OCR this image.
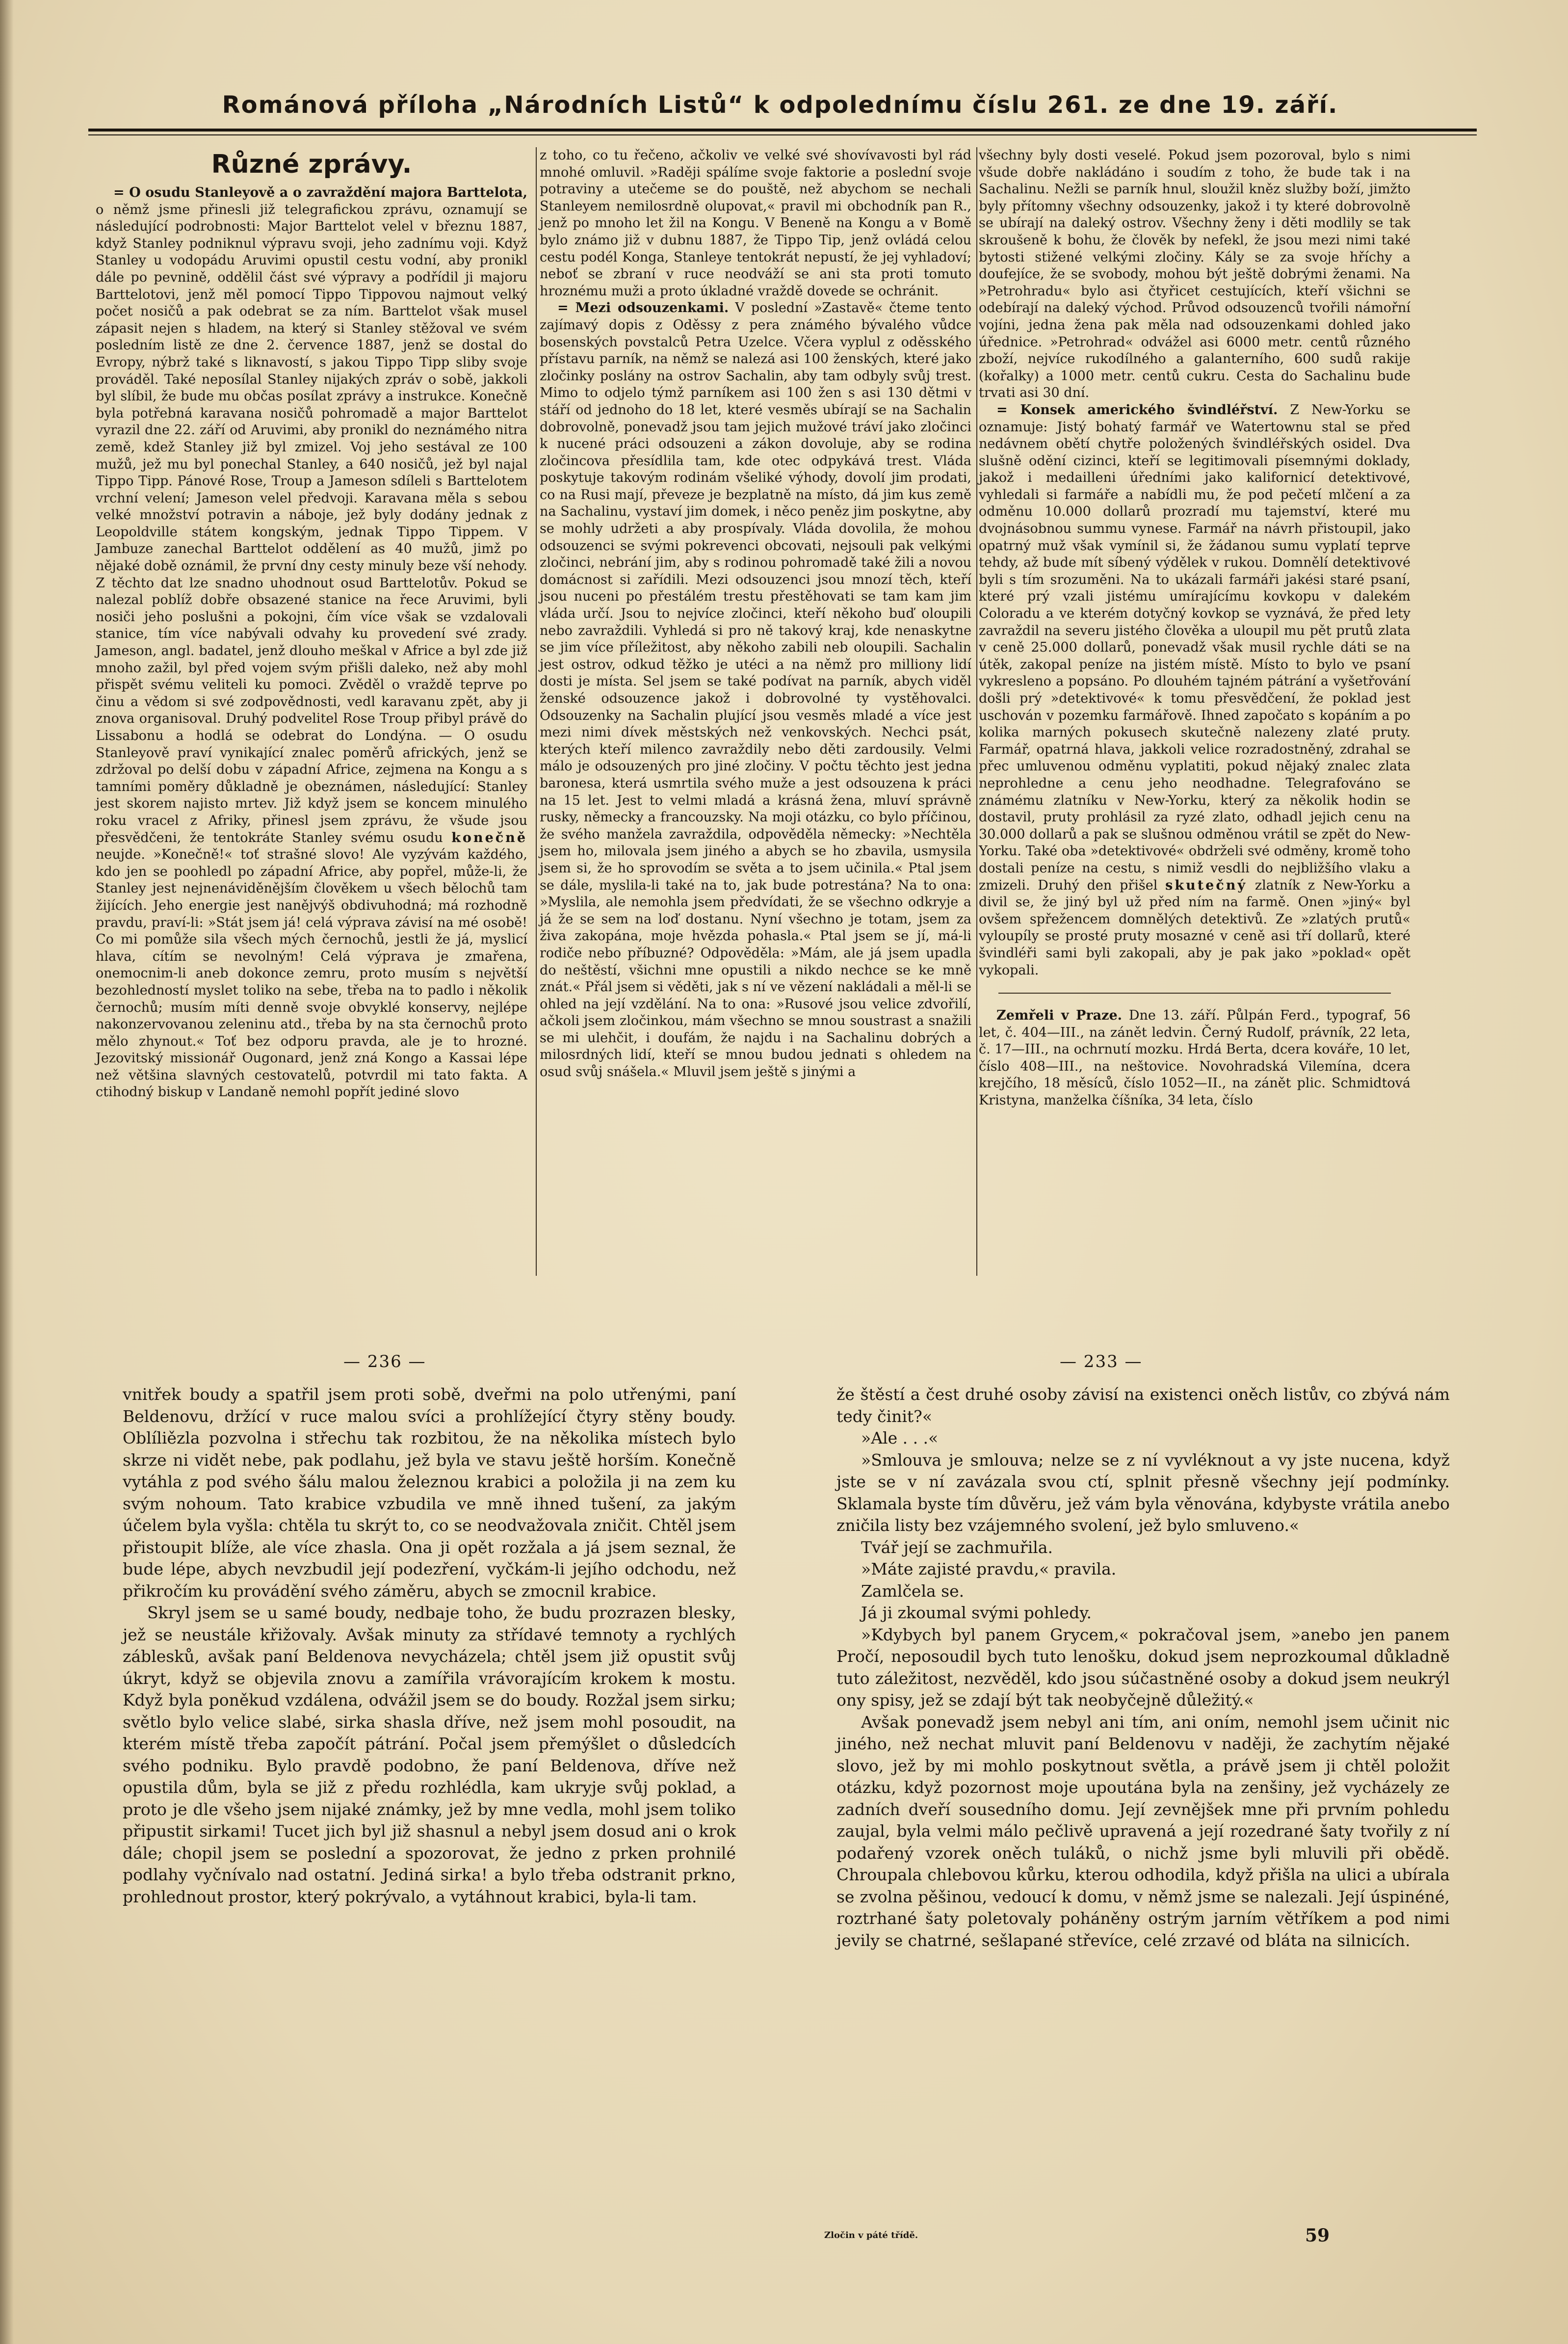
Románová příloha „Národních Listů“ k odpolednímu číslu 261. ze dne 19. září.
Různé zprávy.

= O osudu Stanleyově a o zavraždění majora Barttelota, o němž jsme přinesli již telegrafickou zprávu, oznamují se následující podrobnosti: Major Barttelot velel v březnu 1887, když Stanley podniknul výpravu svoji, jeho zadnímu voji. Když Stanley u vodopádu Aruvimi opustil cestu vodní, aby pronikl dále po pevnině, oddělil část své výpravy a podřídil ji majoru Barttelotovi, jenž měl pomocí Tippo Tippovou najmout velký počet nosičů a pak odebrat se za ním. Barttelot však musel zápasit nejen s hladem, na který si Stanley stěžoval ve svém posledním listě ze dne 2. července 1887, jenž se dostal do Evropy, nýbrž také s liknavostí, s jakou Tippo Tipp sliby svoje prováděl. Také neposílal Stanley nijakých zpráv o sobě, jakkoli byl slíbil, že bude mu občas posílat zprávy a instrukce. Konečně byla potřebná karavana nosičů pohromadě a major Barttelot vyrazil dne 22. září od Aruvimi, aby pronikl do neznámého nitra země, kdež Stanley již byl zmizel. Voj jeho sestával ze 100 mužů, jež mu byl ponechal Stanley, a 640 nosičů, jež byl najal Tippo Tipp. Pánové Rose, Troup a Jameson sdíleli s Barttelotem vrchní velení; Jameson velel předvoji. Karavana měla s sebou velké množství potravin a náboje, jež byly dodány jednak z Leopoldville státem kongským, jednak Tippo Tippem. V Jambuze zanechal Barttelot oddělení as 40 mužů, jimž po nějaké době oznámil, že první dny cesty minuly beze vší nehody. Z těchto dat lze snadno uhodnout osud Barttelotův. Pokud se nalezal poblíž dobře obsazené stanice na řece Aruvimi, byli nosiči jeho poslušni a pokojni, čím více však se vzdalovali stanice, tím více nabývali odvahy ku provedení své zrady. Jameson, angl. badatel, jenž dlouho meškal v Africe a byl zde již mnoho zažil, byl před vojem svým přišli daleko, než aby mohl přispět svému veliteli ku pomoci. Zvěděl o vraždě teprve po činu a vědom si své zodpovědnosti, vedl karavanu zpět, aby ji znova organisoval. Druhý podvelitel Rose Troup přibyl právě do Lissabonu a hodlá se odebrat do Londýna. — O osudu Stanleyově praví vynikající znalec poměrů afrických, jenž se zdržoval po delší dobu v západní Africe, zejmena na Kongu a s tamními poměry důkladně je obeznámen, následující: Stanley jest skorem najisto mrtev. Již když jsem se koncem minulého roku vracel z Afriky, přinesl jsem zprávu, že všude jsou přesvědčeni, že tentokráte Stanley svému osudu konečně neujde. »Konečně!« toť strašné slovo! Ale vyzývám každého, kdo jen se poohledl po západní Africe, aby popřel, může-li, že Stanley jest nejnenáviděnějším člověkem u všech bělochů tam žijících. Jeho energie jest nanějvýš obdivuhodná; má rozhodně pravdu, praví-li: »Stát jsem já! celá výprava závisí na mé osobě! Co mi pomůže sila všech mých černochů, jestli že já, myslicí hlava, cítím se nevolným! Celá výprava je zmařena, onemocnim-li aneb dokonce zemru, proto musím s největší bezohledností myslet toliko na sebe, třeba na to padlo i několik černochů; musím míti denně svoje obvyklé konservy, nejlépe nakonzervovanou zeleninu atd., třeba by na sta černochů proto mělo zhynout.« Toť bez odporu pravda, ale je to hrozné. Jezovitský missionář Ougonard, jenž zná Kongo a Kassai lépe než většina slavných cestovatelů, potvrdil mi tato fakta. A ctihodný biskup v Landaně nemohl popřít jediné slovo

z toho, co tu řečeno, ačkoliv ve velké své shovívavosti byl rád mnohé omluvil. »Raději spálíme svoje faktorie a poslední svoje potraviny a utečeme se do pouště, než abychom se nechali Stanleyem nemilosrdně olupovat,« pravil mi obchodník pan R., jenž po mnoho let žil na Kongu. V Beneně na Kongu a v Bomě bylo známo již v dubnu 1887, že Tippo Tip, jenž ovládá celou cestu podél Konga, Stanleye tentokrát nepustí, že jej vyhladoví; neboť se zbraní v ruce neodváží se ani sta proti tomuto hroznému muži a proto úkladné vraždě dovede se ochránit.

= Mezi odsouzenkami. V poslední »Zastavě« čteme tento zajímavý dopis z Oděssy z pera známého bývalého vůdce bosenských povstalců Petra Uzelce. Včera vyplul z oděsského přístavu parník, na němž se nalezá asi 100 ženských, které jako zločinky poslány na ostrov Sachalin, aby tam odbyly svůj trest. Mimo to odjelo týmž parníkem asi 100 žen s asi 130 dětmi v stáří od jednoho do 18 let, které vesměs ubírají se na Sachalin dobrovolně, ponevadž jsou tam jejich mužové tráví jako zločinci k nucené práci odsouzeni a zákon dovoluje, aby se rodina zločincova přesídlila tam, kde otec odpykává trest. Vláda poskytuje takovým rodinám všeliké výhody, dovolí jim prodati, co na Rusi mají, převeze je bezplatně na místo, dá jim kus země na Sachalinu, vystaví jim domek, i něco peněz jim poskytne, aby se mohly udržeti a aby prospívaly. Vláda dovolila, že mohou odsouzenci se svými pokrevenci obcovati, nejsouli pak velkými zločinci, nebrání jim, aby s rodinou pohromadě také žili a novou domácnost si zařídili. Mezi odsouzenci jsou mnozí těch, kteří jsou nuceni po přestálém trestu přestěhovati se tam kam jim vláda určí. Jsou to nejvíce zločinci, kteří někoho buď oloupili nebo zavraždili. Vyhledá si pro ně takový kraj, kde nenaskytne se jim více příležitost, aby někoho zabili neb oloupili. Sachalin jest ostrov, odkud těžko je utéci a na němž pro milliony lidí dosti je místa. Sel jsem se také podívat na parník, abych viděl ženské odsouzence jakož i dobrovolné ty vystěhovalci. Odsouzenky na Sachalin plující jsou vesměs mladé a více jest mezi nimi dívek městských než venkovských. Nechci psát, kterých kteří milenco zavraždily nebo děti zardousily. Velmi málo je odsouzených pro jiné zločiny. V počtu těchto jest jedna baronesa, která usmrtila svého muže a jest odsouzena k práci na 15 let. Jest to velmi mladá a krásná žena, mluví správně rusky, německy a francouzsky. Na moji otázku, co bylo příčinou, že svého manžela zavraždila, odpověděla německy: »Nechtěla jsem ho, milovala jsem jiného a abych se ho zbavila, usmysila jsem si, že ho sprovodím se světa a to jsem učinila.« Ptal jsem se dále, myslila-li také na to, jak bude potrestána? Na to ona: »Myslila, ale nemohla jsem předvídati, že se všechno odkryje a já že se sem na loď dostanu. Nyní všechno je totam, jsem za živa zakopána, moje hvězda pohasla.« Ptal jsem se jí, má-li rodiče nebo příbuzné? Odpověděla: »Mám, ale já jsem upadla do neštěstí, všichni mne opustili a nikdo nechce se ke mně znát.« Přál jsem si věděti, jak s ní ve vězení nakládali a měl-li se ohled na její vzdělání. Na to ona: »Rusové jsou velice zdvořilí, ačkoli jsem zločinkou, mám všechno se mnou soustrast a snažili se mi ulehčit, i doufám, že najdu i na Sachalinu dobrých a milosrdných lidí, kteří se mnou budou jednati s ohledem na osud svůj snášela.« Mluvil jsem ještě s jinými a

všechny byly dosti veselé. Pokud jsem pozoroval, bylo s nimi všude dobře nakládáno i soudím z toho, že bude tak i na Sachalinu. Nežli se parník hnul, sloužil kněz služby boží, jimžto byly přítomny všechny odsouzenky, jakož i ty které dobrovolně se ubírají na daleký ostrov. Všechny ženy i děti modlily se tak skroušeně k bohu, že člověk by nefekl, že jsou mezi nimi také bytosti stižené velkými zločiny. Kály se za svoje hříchy a doufejíce, že se svobody, mohou být ještě dobrými ženami. Na »Petrohradu« bylo asi čtyřicet cestujících, kteří všichni se odebírají na daleký východ. Průvod odsouzenců tvořili námořní vojíni, jedna žena pak měla nad odsouzenkami dohled jako úřednice. »Petrohrad« odvážel asi 6000 metr. centů různého zboží, nejvíce rukodílného a galanterního, 600 sudů rakije (kořalky) a 1000 metr. centů cukru. Cesta do Sachalinu bude trvati asi 30 dní.

= Konsek amerického švindléřství. Z New-Yorku se oznamuje: Jistý bohatý farmář ve Watertownu stal se před nedávnem obětí chytře položených švindléřských osidel. Dva slušně odění cizinci, kteří se legitimovali písemnými doklady, jakož i medailleni úředními jako kalifornicí detektivové, vyhledali si farmáře a nabídli mu, že pod pečetí mlčení a za odměnu 10.000 dollarů prozradí mu tajemství, které mu dvojnásobnou summu vynese. Farmář na návrh přistoupil, jako opatrný muž však vymínil si, že žádanou sumu vyplatí teprve tehdy, až bude mít síbený výdělek v rukou. Domnělí detektivové byli s tím srozuměni. Na to ukázali farmáři jakési staré psaní, které prý vzali jistému umírajícímu kovkopu v dalekém Coloradu a ve kterém dotyčný kovkop se vyznává, že před lety zavraždil na severu jistého člověka a uloupil mu pět prutů zlata v ceně 25.000 dollarů, ponevadž však musil rychle dáti se na útěk, zakopal peníze na jistém místě. Místo to bylo ve psaní vykresleno a popsáno. Po dlouhém tajném pátrání a vyšetřování došli prý »detektivové« k tomu přesvědčení, že poklad jest uschován v pozemku farmářově. Ihned započato s kopáním a po kolika marných pokusech skutečně nalezeny zlaté pruty. Farmář, opatrná hlava, jakkoli velice rozradostněný, zdrahal se přec umluvenou odměnu vyplatiti, pokud nějaký znalec zlata neprohledne a cenu jeho neodhadne. Telegrafováno se známému zlatníku v New-Yorku, který za několik hodin se dostavil, pruty prohlásil za ryzé zlato, odhadl jejich cenu na 30.000 dollarů a pak se slušnou odměnou vrátil se zpět do New-Yorku. Také oba »detektivové« obdrželi své odměny, kromě toho dostali peníze na cestu, s nimiž vesdli do nejbližšího vlaku a zmizeli. Druhý den přišel skutečný zlatník z New-Yorku a divil se, že jiný byl už před ním na farmě. Onen »jiný« byl ovšem spřežencem domnělých detektivů. Ze »zlatých prutů« vyloupíly se prosté pruty mosazné v ceně asi tří dollarů, které švindléři sami byli zakopali, aby je pak jako »poklad« opět vykopali.

Zemřeli v Praze. Dne 13. září. Půlpán Ferd., typograf, 56 let, č. 404—III., na zánět ledvin. Černý Rudolf, právník, 22 leta, č. 17—III., na ochrnutí mozku. Hrdá Berta, dcera kováře, 10 let, číslo 408—III., na neštovice. Novohradská Vilemína, dcera krejčího, 18 měsíců, číslo 1052—II., na zánět plic. Schmidtová Kristyna, manželka číšníka, 34 leta, číslo

— 236 —	— 233 —

vnitřek boudy a spatřil jsem proti sobě, dveřmi na polo utřenými, paní Beldenovu, držící v ruce malou svíci a prohlížející čtyry stěny boudy. Oblíliězla pozvolna i střechu tak rozbitou, že na několika místech bylo skrze ni vidět nebe, pak podlahu, jež byla ve stavu ještě horším. Konečně vytáhla z pod svého šálu malou železnou krabici a položila ji na zem ku svým nohoum. Tato krabice vzbudila ve mně ihned tušení, za jakým účelem byla vyšla: chtěla tu skrýt to, co se neodvažovala zničit. Chtěl jsem přistoupit blíže, ale více zhasla. Ona ji opět rozžala a já jsem seznal, že bude lépe, abych nevzbudil její podezření, vyčkám-li jejího odchodu, než přikročím ku provádění svého záměru, abych se zmocnil krabice.

Skryl jsem se u samé boudy, nedbaje toho, že budu prozrazen bleskу, jež se neustále křižovaly. Avšak minuty za střídavé temnoty a rychlých záblesků, avšak paní Beldenova nevycházela; chtěl jsem již opustit svůj úkryt, když se objevila znovu a zamířila vrávorajícím krokem k mostu. Když byla poněkud vzdálena, odvážil jsem se do boudy. Rozžal jsem sirku; světlo bylo velice slabé, sirka shasla dříve, než jsem mohl posoudit, na kterém místě třeba započít pátrání. Počal jsem přemýšlet o důsledcích svého podniku. Bylo pravdě podobno, že paní Beldenova, dříve než opustila dům, byla se již z předu rozhlédla, kam ukryje svůj poklad, a proto je dle všeho jsem nijaké známky, jež by mne vedla, mohl jsem toliko připustit sirkami! Tucet jich byl již shasnul a nebyl jsem dosud ani o krok dále; chopil jsem se poslední a spozorovat, že jedno z prken prohnilé podlahy vyčnívalo nad ostatní. Jediná sirka! a bylo třeba odstranit prkno, prohlednout prostor, který pokrývalo, a vytáhnout krabici, byla-li tam.

že štěstí a čest druhé osoby závisí na existenci oněch listův, co zbývá nám tedy činit?«

»Ale . . .«

»Smlouva je smlouva; nelze se z ní vyvléknout a vy jste nucena, když jste se v ní zavázala svou ctí, splnit přesně všechny její podmínky. Sklamala byste tím důvěru, jež vám byla věnována, kdybyste vrátila anebo zničila listy bez vzájemného svolení, jež bylo smluveno.«

Tvář její se zachmuřila.

»Máte zajisté pravdu,« pravila.

Zamlčela se.

Já ji zkoumal svými pohledy.

»Kdybych byl panem Grycem,« pokračoval jsem, »anebo jen panem Pročí, neposoudil bych tuto lenošku, dokud jsem neprozkoumal důkladně tuto záležitost, nezvěděl, kdo jsou súčastněné osoby a dokud jsem neukrýl ony spisy, jež se zdají být tak neobyčejně důležitý.«

Avšak ponevadž jsem nebyl ani tím, ani oním, nemohl jsem učinit nic jiného, než nechat mluvit paní Beldenovu v naději, že zachytím nějaké slovo, jež by mi mohlo poskytnout světla, a právě jsem ji chtěl položit otázku, když pozornost moje upoutána byla na zenšiny, jež vycházely ze zadních dveří sousedního domu. Její zevnějšek mne při prvním pohledu zaujal, byla velmi málo pečlivě upravená a její rozedrané šaty tvořily z ní podařený vzorek oněch tuláků, o nichž jsme byli mluvili při obědě. Chroupala chlebovou kůrku, kterou odhodila, když přišla na ulici a ubírala se zvolna pěšinou, vedoucí k domu, v němž jsme se nalezali. Její úspinéné, roztrhané šaty poletovaly poháněny ostrým jarním větříkem a pod nimi jevily se chatrné, sešlapané střevíce, celé zrzavé od bláta na silnicích.

Zločin v páté třídě.	59
